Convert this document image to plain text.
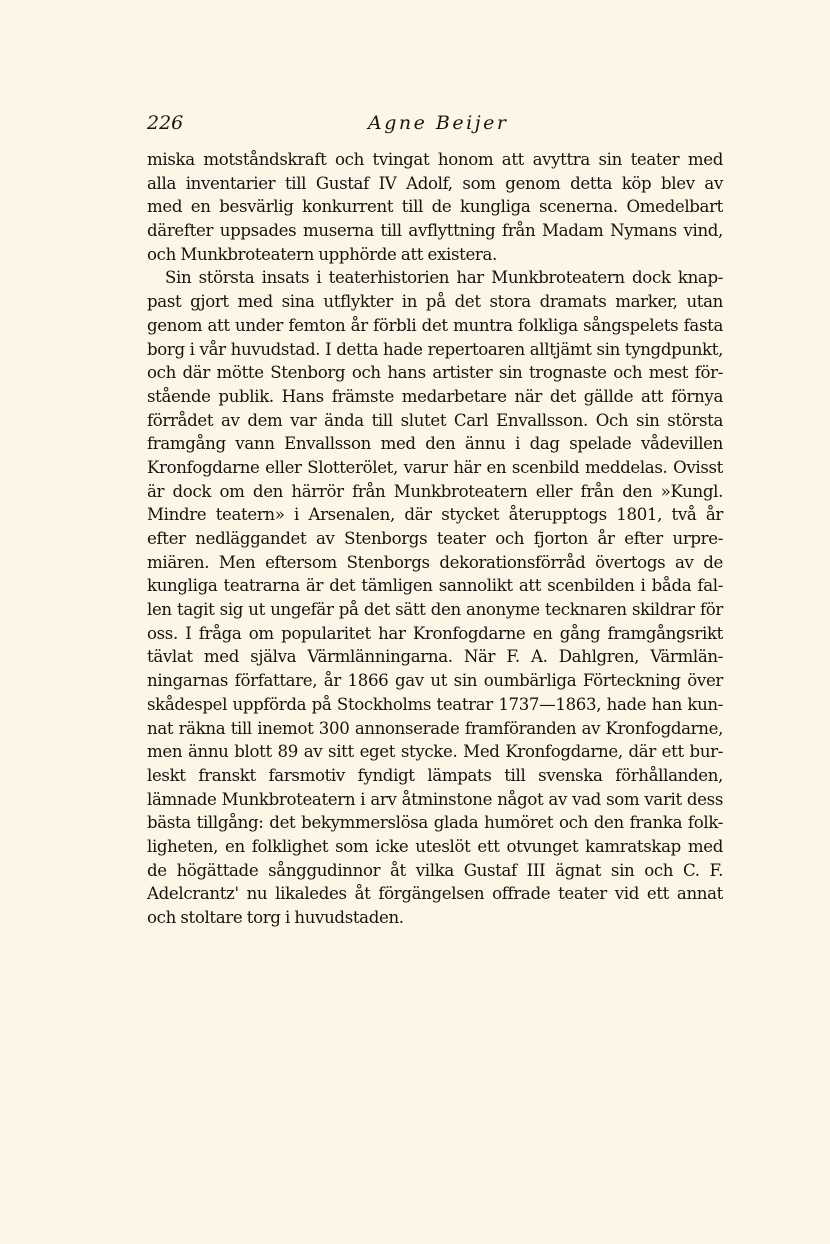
226	Agne Beijer
miska motståndskraft och tvingat honom att avyttra sin teater med
alla inventarier till Gustaf IV Adolf, som genom detta köp blev av
med en besvärlig konkurrent till de kungliga scenerna. Omedelbart
därefter uppsades muserna till avflyttning från Madam Nymans vind,
och Munkbroteatern upphörde att existera.
Sin största insats i teaterhistorien har Munkbroteatern dock knap-
past gjort med sina utflykter in på det stora dramats marker, utan
genom att under femton år förbli det muntra folkliga sångspelets fasta
borg i vår huvudstad. I detta hade repertoaren alltjämt sin tyngdpunkt,
och där mötte Stenborg och hans artister sin trognaste och mest för-
stående publik. Hans främste medarbetare när det gällde att förnya
förrådet av dem var ända till slutet Carl Envallsson. Och sin största
framgång vann Envallsson med den ännu i dag spelade vådevillen
Kronfogdarne eller Slotterölet, varur här en scenbild meddelas. Ovisst
är dock om den härrör från Munkbroteatern eller från den »Kungl.
Mindre teatern» i Arsenalen, där stycket återupptogs 1801, två år
efter nedläggandet av Stenborgs teater och fjorton år efter urpre-
miären. Men eftersom Stenborgs dekorationsförråd övertogs av de
kungliga teatrarna är det tämligen sannolikt att scenbilden i båda fal-
len tagit sig ut ungefär på det sätt den anonyme tecknaren skildrar för
oss. I fråga om popularitet har Kronfogdarne en gång framgångsrikt
tävlat med själva Värmlänningarna. När F. A. Dahlgren, Värmlän-
ningarnas författare, år 1866 gav ut sin oumbärliga Förteckning över
skådespel uppförda på Stockholms teatrar 1737—1863, hade han kun-
nat räkna till inemot 300 annonserade framföranden av Kronfogdarne,
men ännu blott 89 av sitt eget stycke. Med Kronfogdarne, där ett bur-
leskt franskt farsmotiv fyndigt lämpats till svenska förhållanden,
lämnade Munkbroteatern i arv åtminstone något av vad som varit dess
bästa tillgång: det bekymmerslösa glada humöret och den franka folk-
ligheten, en folklighet som icke uteslöt ett otvunget kamratskap med
de högättade sånggudinnor åt vilka Gustaf III ägnat sin och C. F.
Adelcrantz' nu likaledes åt förgängelsen offrade teater vid ett annat
och stoltare torg i huvudstaden.
